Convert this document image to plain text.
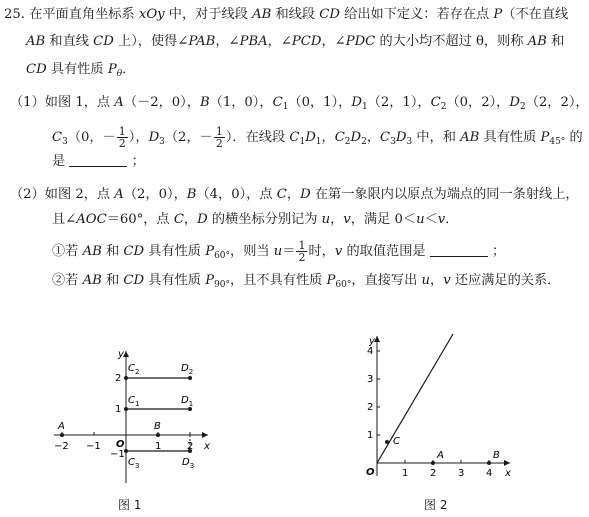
25. 在平面直角坐标系 xOy 中，对于线段 AB 和线段 CD 给出如下定义：若存在点 P（不在直线
AB 和直线 CD 上），使得∠PAB，∠PBA，∠PCD，∠PDC 的大小均不超过 θ，则称 AB 和
CD 具有性质 $P_\theta$．
（1）如图 1，点 A（－2，0），B（1，0），$C_1(0$，1），$D_1(2$，1），$C_2(0$，2），$D_2(2$，2），
$C_3(0$，－ $\frac{1}{2}$ ），$D_3(2$，－ $\frac{1}{2}$ ）．在线段 $C_1D_1$，$C_2D_2$，$C_3D_3$ 中，和 AB 具有性质 $P_{45^\circ}$ 的
是	；
（2）如图 2，点 A（2，0），B（4，0），点 C，D 在第一象限内以原点为端点的同一条射线上，
且∠AOC＝60°，点 C，D 的横坐标分别记为 u，v，满足 0＜u＜v．
①若 AB 和 CD 具有性质 $P_{60^\circ}$，则当 $u= \frac{1}{2}$ 时，v 的取值范围是	；
②若 AB 和 CD 具有性质 $P_{90^\circ}$，且不具有性质 $P_{60^\circ}$，直接写出 u，v 还应满足的关系．
y
x
O
−2 −1	1	2
2
1
−1
A	B
$C_2$	$D_2$
$C_1$	$D_1$
$C_3$	$D_3$
图 1
y
x
O	1 2 3 4
4
3
2
1
A	B
C
图 2
